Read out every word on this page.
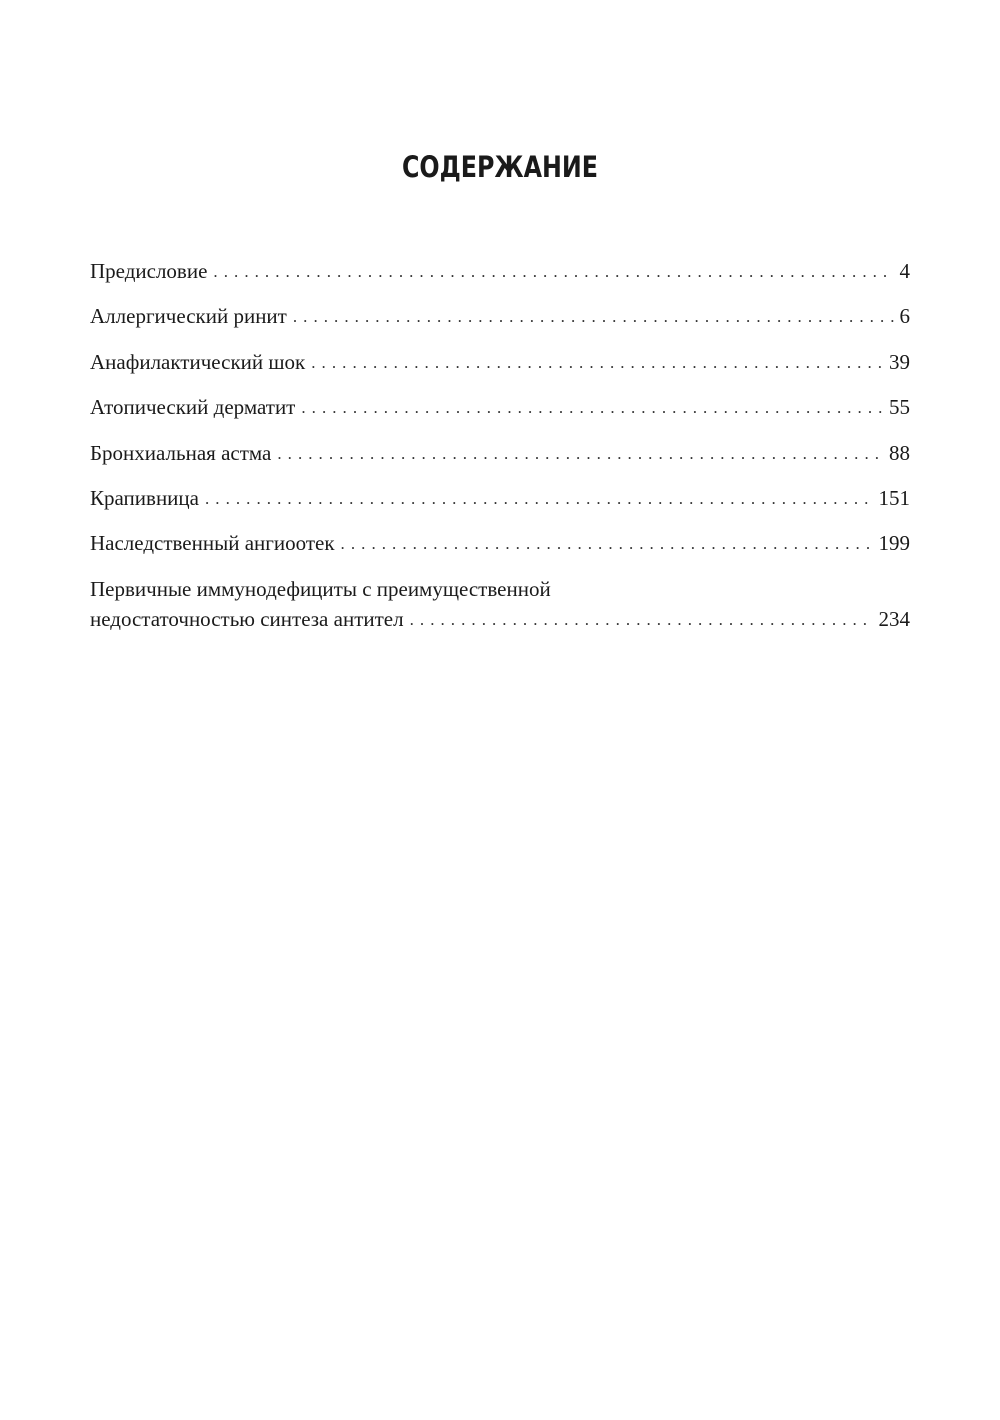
СОДЕРЖАНИЕ
Предисловие . . .	4
Аллергический ринит . . .	6
Анафилактический шок . . .	39
Атопический дерматит . . .	55
Бронхиальная астма . . .	88
Крапивница . . .	151
Наследственный ангиоотек . . .	199
Первичные иммунодефициты с преимущественной
недостаточностью синтеза антител . . .	234
